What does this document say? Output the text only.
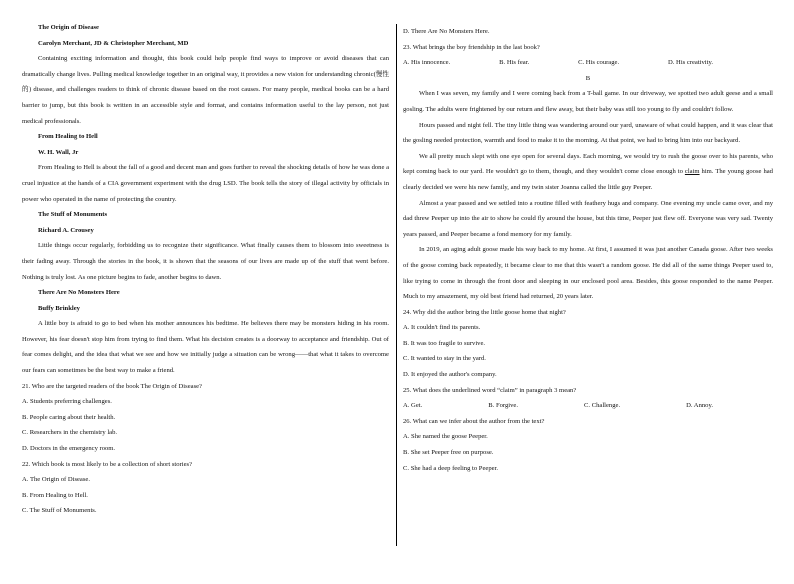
The Origin of Disease
Carolyn Merchant, JD & Christopher Merchant, MD

Containing exciting information and thought, this book could help people find ways to improve or avoid diseases that can dramatically change lives. Pulling medical knowledge together in an original way, it provides a new vision for understanding chronic(慢性的) disease, and challenges readers to think of chronic disease based on the root causes. For many people, medical books can be a hard barrier to jump, but this book is written in an accessible style and format, and contains information useful to the lay person, not just medical professionals.

From Healing to Hell
W. H. Wall, Jr

From Healing to Hell is about the fall of a good and decent man and goes further to reveal the shocking details of how he was done a cruel injustice at the hands of a CIA government experiment with the drug LSD. The book tells the story of illegal activity by officials in power who operated in the name of protecting the country.

The Stuff of Monuments
Richard A. Crousey

Little things occur regularly, forbidding us to recognize their significance. What finally causes them to blossom into sweetness is their fading away. Through the stories in the book, it is shown that the seasons of our lives are made up of the stuff that went before. Nothing is truly lost. As one picture begins to fade, another begins to dawn.

There Are No Monsters Here
Buffy Brinkley

A little boy is afraid to go to bed when his mother announces his bedtime. He believes there may be monsters hiding in his room. However, his fear doesn't stop him from trying to find them. What his decision creates is a doorway to acceptance and friendship. Out of fear comes delight, and the idea that what we see and how we initially judge a situation can be wrong——that what it takes to overcome our fears can sometimes be the best way to make a friend.

21. Who are the targeted readers of the book The Origin of Disease?
A. Students preferring challenges.
B. People caring about their health.
C. Researchers in the chemistry lab.
D. Doctors in the emergency room.
22. Which book is most likely to be a collection of short stories?
A. The Origin of Disease.
B. From Healing to Hell.
C. The Stuff of Monuments.
D. There Are No Monsters Here.
23. What brings the boy friendship in the last book?
A. His innocence.	B. His fear.	C. His courage.	D. His creativity.
B

When I was seven, my family and I were coming back from a T-ball game. In our driveway, we spotted two adult geese and a small gosling. The adults were frightened by our return and flew away, but their baby was still too young to fly and couldn't follow.

Hours passed and night fell. The tiny little thing was wandering around our yard, unaware of what could happen, and it was clear that the gosling needed protection, warmth and food to make it to the morning. At that point, we had to bring him into our backyard.

We all pretty much slept with one eye open for several days. Each morning, we would try to rush the goose over to his parents, who kept coming back to our yard. He wouldn't go to them, though, and they wouldn't come close enough to claim him. The young goose had clearly decided we were his new family, and my twin sister Joanna called the little guy Peeper.

Almost a year passed and we settled into a routine filled with feathery hugs and company. One evening my uncle came over, and my dad threw Peeper up into the air to show he could fly around the house, but this time, Peeper just flew off. Everyone was very sad. Twenty years passed, and Peeper became a fond memory for my family.

In 2019, an aging adult goose made his way back to my home. At first, I assumed it was just another Canada goose. After two weeks of the goose coming back repeatedly, it became clear to me that this wasn't a random goose. He did all of the same things Peeper used to, like trying to come in through the front door and sleeping in our enclosed pool area. Besides, this goose responded to the name Peeper. Much to my amazement, my old best friend had returned, 20 years later.

24. Why did the author bring the little goose home that night?
A. It couldn't find its parents.
B. It was too fragile to survive.
C. It wanted to stay in the yard.
D. It enjoyed the author's company.
25. What does the underlined word “claim” in paragraph 3 mean?
A. Get.	B. Forgive.	C. Challenge.	D. Annoy.
26. What can we infer about the author from the text?
A. She named the goose Peeper.
B. She set Peeper free on purpose.
C. She had a deep feeling to Peeper.
